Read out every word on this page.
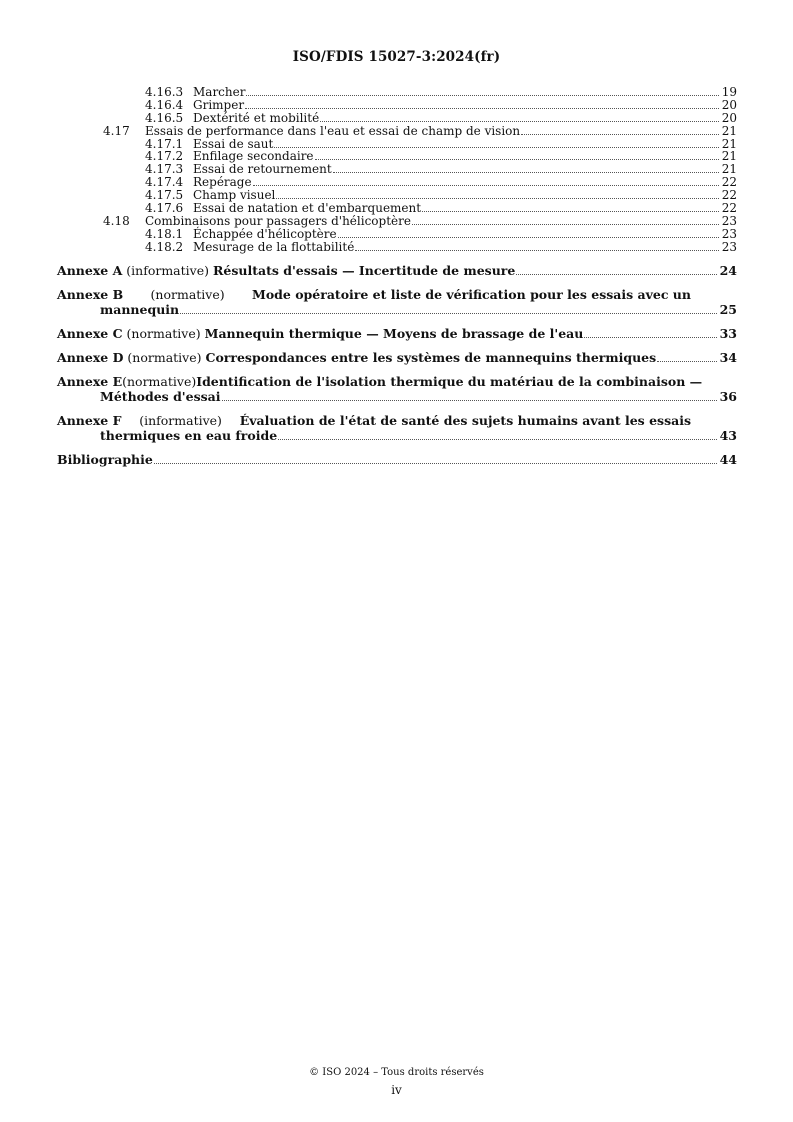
ISO/FDIS 15027-3:2024(fr)
4.16.3 Marcher	19
4.16.4 Grimper	20
4.16.5 Dextérité et mobilité	20
4.17 Essais de performance dans l'eau et essai de champ de vision	21
4.17.1 Essai de saut	21
4.17.2 Enfilage secondaire	21
4.17.3 Essai de retournement	21
4.17.4 Repérage	22
4.17.5 Champ visuel	22
4.17.6 Essai de natation et d'embarquement	22
4.18 Combinaisons pour passagers d'hélicoptère	23
4.18.1 Échappée d'hélicoptère	23
4.18.2 Mesurage de la flottabilité	23
Annexe A (informative) Résultats d'essais — Incertitude de mesure	24
Annexe B (normative) Mode opératoire et liste de vérification pour les essais avec un
mannequin	25
Annexe C (normative) Mannequin thermique — Moyens de brassage de l'eau	33
Annexe D (normative) Correspondances entre les systèmes de mannequins thermiques	34
Annexe E (normative) Identification de l'isolation thermique du matériau de la combinaison —
Méthodes d'essai	36
Annexe F (informative) Évaluation de l'état de santé des sujets humains avant les essais
thermiques en eau froide	43
Bibliographie	44
© ISO 2024 – Tous droits réservés
iv
